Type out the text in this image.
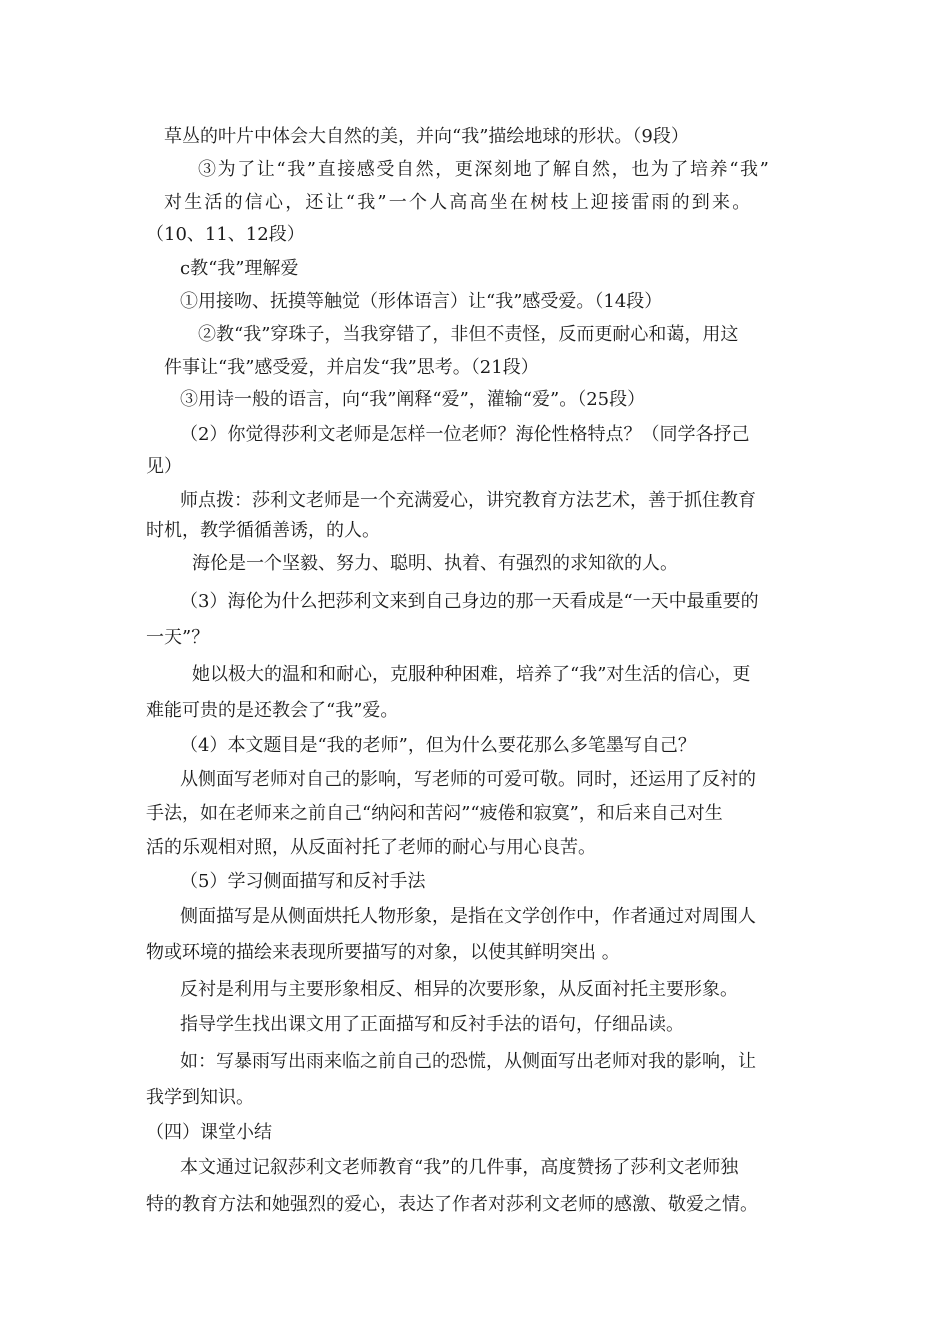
草丛的叶片中体会大自然的美，并向“我”描绘地球的形状。（9段）

③为了让“我”直接感受自然，更深刻地了解自然，也为了培养“我”

对生活的信心，还让“我”一个人高高坐在树枝上迎接雷雨的到来。

（10、11、12段）

c教“我”理解爱

①用接吻、抚摸等触觉（形体语言）让“我”感受爱。（14段）

②教“我”穿珠子，当我穿错了，非但不责怪，反而更耐心和蔼，用这

件事让“我”感受爱，并启发“我”思考。（21段）

③用诗一般的语言，向“我”阐释“爱”，灌输“爱”。（25段）

（2）你觉得莎利文老师是怎样一位老师？海伦性格特点？（同学各抒己

见）

师点拨：莎利文老师是一个充满爱心，讲究教育方法艺术，善于抓住教育

时机，教学循循善诱，的人。

海伦是一个坚毅、努力、聪明、执着、有强烈的求知欲的人。

（3）海伦为什么把莎利文来到自己身边的那一天看成是“一天中最重要的

一天”？

她以极大的温和和耐心，克服种种困难，培养了“我”对生活的信心，更

难能可贵的是还教会了“我”爱。

（4）本文题目是“我的老师”，但为什么要花那么多笔墨写自己？

从侧面写老师对自己的影响，写老师的可爱可敬。同时，还运用了反衬的

手法，如在老师来之前自己“纳闷和苦闷”“疲倦和寂寞”，和后来自己对生

活的乐观相对照，从反面衬托了老师的耐心与用心良苦。

（5）学习侧面描写和反衬手法

侧面描写是从侧面烘托人物形象，是指在文学创作中，作者通过对周围人

物或环境的描绘来表现所要描写的对象，以使其鲜明突出 。

反衬是利用与主要形象相反、相异的次要形象，从反面衬托主要形象。

指导学生找出课文用了正面描写和反衬手法的语句，仔细品读。

如：写暴雨写出雨来临之前自己的恐慌，从侧面写出老师对我的影响，让

我学到知识。

（四）课堂小结

本文通过记叙莎利文老师教育“我”的几件事，高度赞扬了莎利文老师独

特的教育方法和她强烈的爱心，表达了作者对莎利文老师的感激、敬爱之情。
